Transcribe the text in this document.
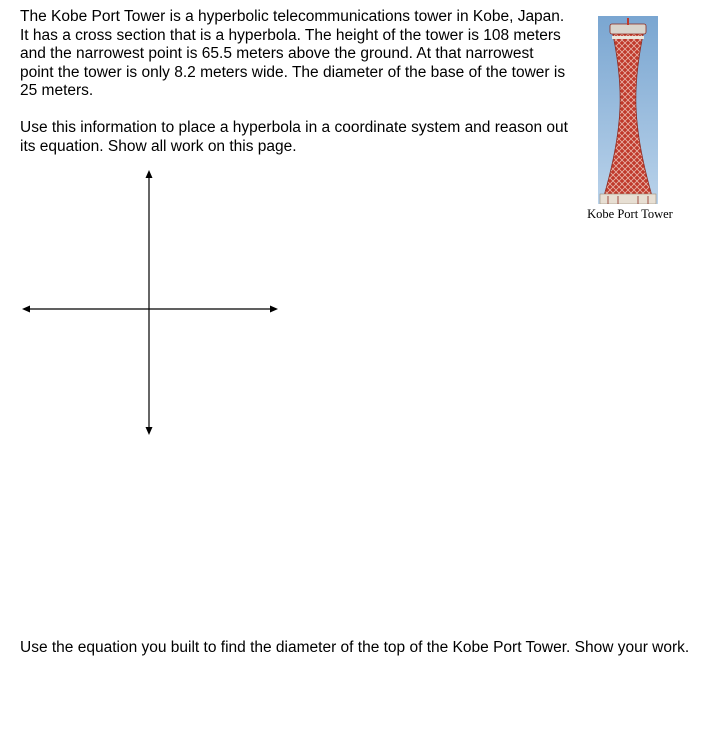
The Kobe Port Tower is a hyperbolic telecommunications tower in Kobe, Japan. It has a cross section that is a hyperbola. The height of the tower is 108 meters and the narrowest point is 65.5 meters above the ground. At that narrowest point the tower is only 8.2 meters wide. The diameter of the base of the tower is 25 meters.

Use this information to place a hyperbola in a coordinate system and reason out its equation. Show all work on this page.

Kobe Port Tower

Use the equation you built to find the diameter of the top of the Kobe Port Tower. Show your work.
